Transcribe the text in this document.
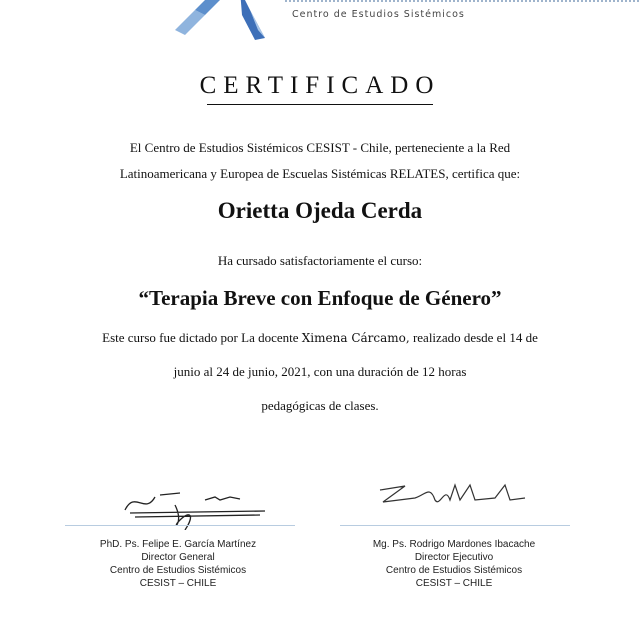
Centro de Estudios Sistémicos
CERTIFICADO
El Centro de Estudios Sistémicos CESIST - Chile, perteneciente a la Red
Latinoamericana y Europea de Escuelas Sistémicas RELATES, certifica que:
Orietta Ojeda Cerda
Ha cursado satisfactoriamente el curso:
“Terapia Breve con Enfoque de Género”
Este curso fue dictado por La docente Ximena Cárcamo, realizado desde el 14 de
junio al 24 de junio, 2021, con una duración de 12 horas
pedagógicas de clases.
PhD. Ps. Felipe E. García Martínez
Director General
Centro de Estudios Sistémicos
CESIST – CHILE
Mg. Ps. Rodrigo Mardones Ibacache
Director Ejecutivo
Centro de Estudios Sistémicos
CESIST – CHILE
